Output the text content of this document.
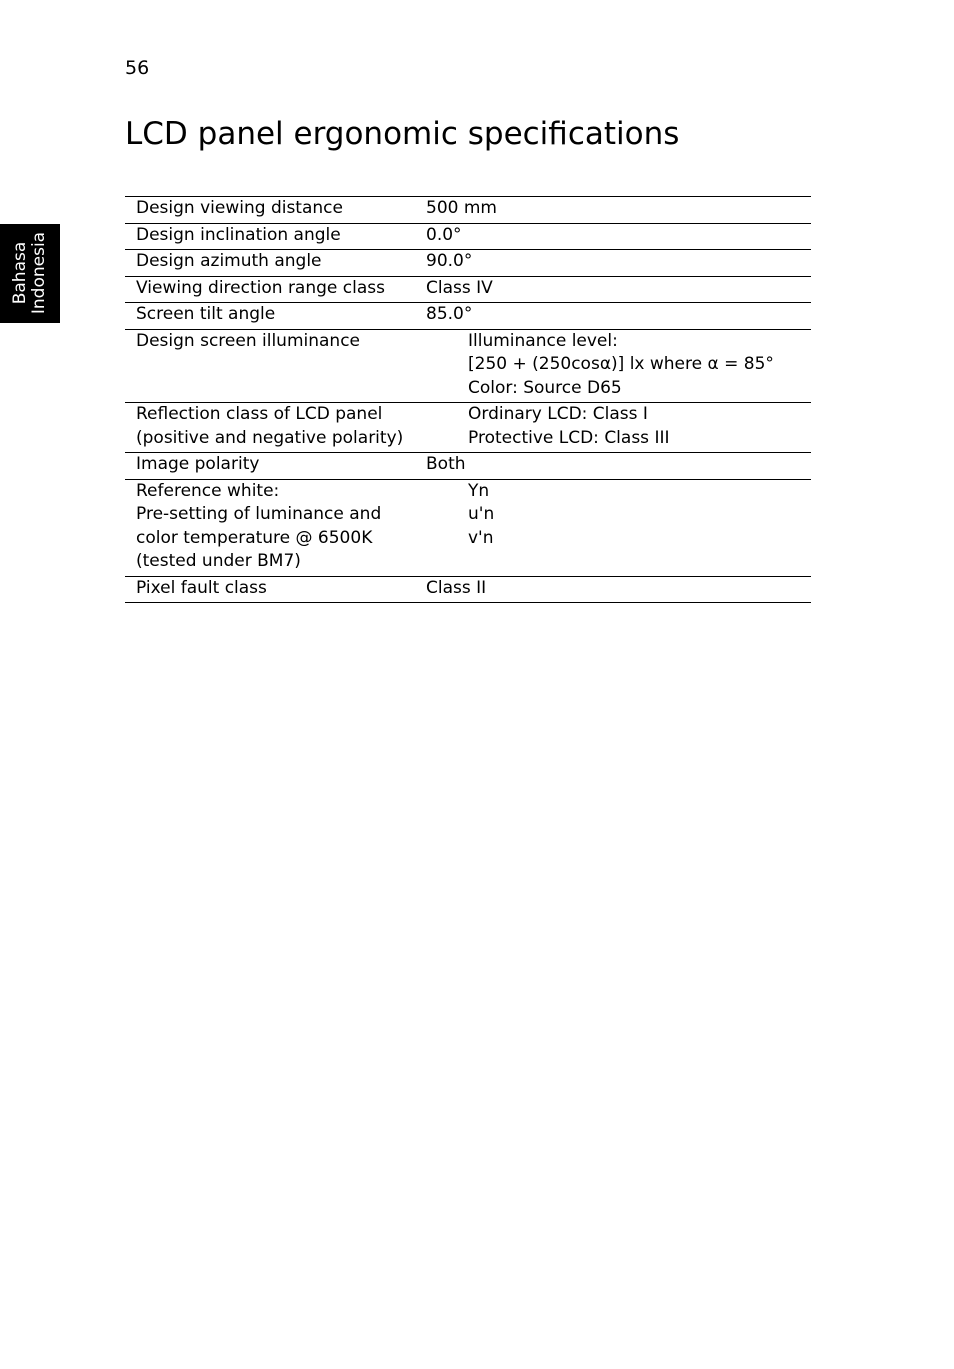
56
Bahasa Indonesia
LCD panel ergonomic specifications
Design viewing distance	500 mm

Design inclination angle	0.0°

Design azimuth angle	90.0°

Viewing direction range class	Class IV

Screen tilt angle	85.0°

Design screen illuminance	Illuminance level:
[250 + (250cosα)] lx where α = 85°
Color: Source D65

Reflection class of LCD panel
(positive and negative polarity)	Ordinary LCD: Class I
Protective LCD: Class III

Image polarity	Both

Reference white:
Pre-setting of luminance and
color temperature @ 6500K
(tested under BM7)	Yn
u'n
v'n

Pixel fault class	Class II
